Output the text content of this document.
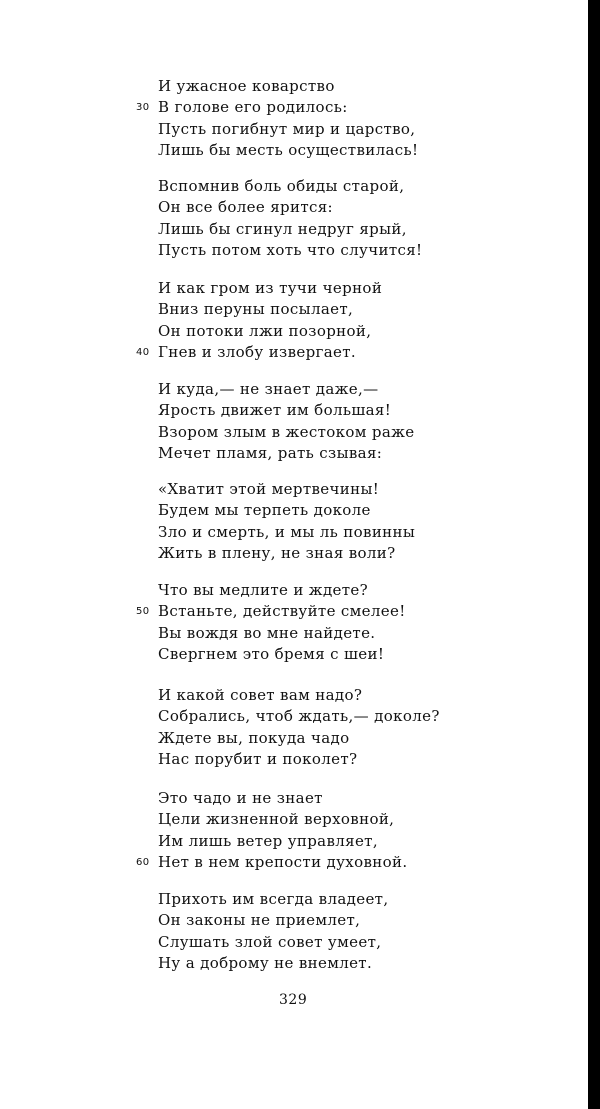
И ужасное коварство
30 В голове его родилось:
Пусть погибнут мир и царство,
Лишь бы месть осуществилась!
Вспомнив боль обиды старой,
Он все более ярится:
Лишь бы сгинул недруг ярый,
Пусть потом хоть что случится!
И как гром из тучи черной
Вниз перуны посылает,
Он потоки лжи позорной,
40 Гнев и злобу извергает.
И куда,— не знает даже,—
Ярость движет им большая!
Взором злым в жестоком раже
Мечет пламя, рать сзывая:
«Хватит этой мертвечины!
Будем мы терпеть доколе
Зло и смерть, и мы ль повинны
Жить в плену, не зная воли?
Что вы медлите и ждете?
50 Встаньте, действуйте смелее!
Вы вождя во мне найдете.
Свергнем это бремя с шеи!
И какой совет вам надо?
Собрались, чтоб ждать,— доколе?
Ждете вы, покуда чадо
Нас порубит и поколет?
Это чадо и не знает
Цели жизненной верховной,
Им лишь ветер управляет,
60 Нет в нем крепости духовной.
Прихоть им всегда владеет,
Он законы не приемлет,
Слушать злой совет умеет,
Ну а доброму не внемлет.
329
